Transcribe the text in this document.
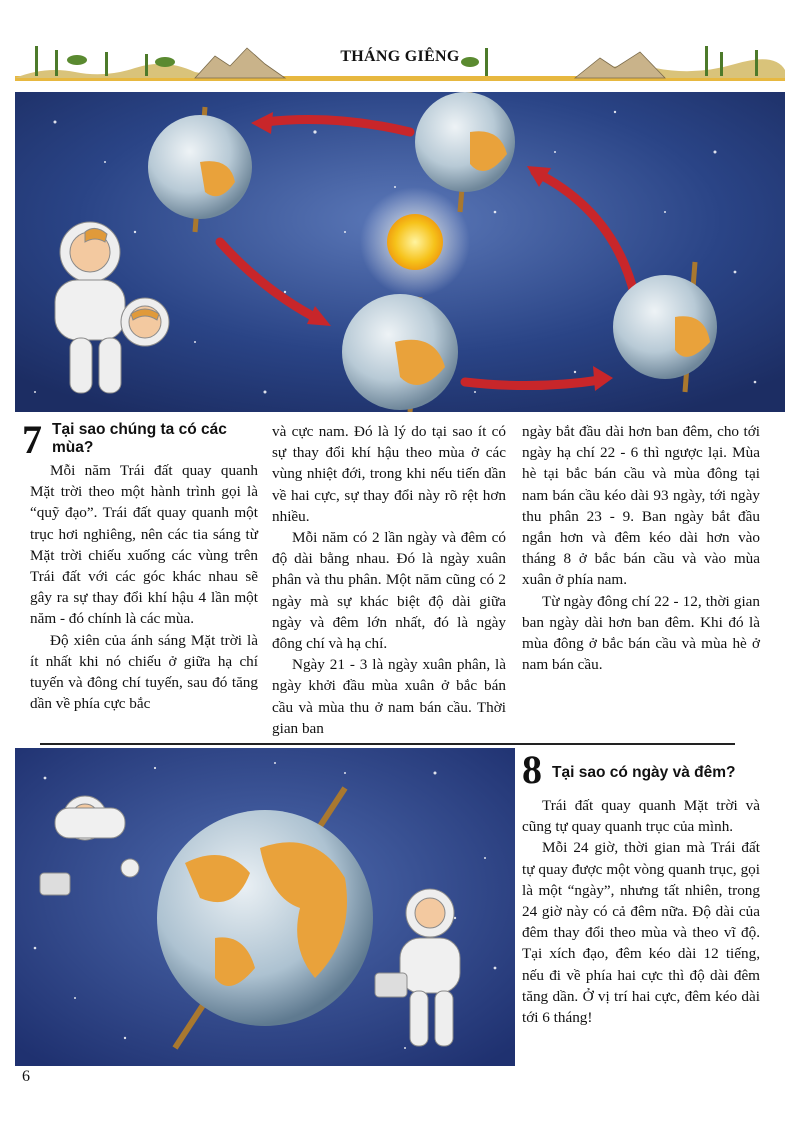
THÁNG GIÊNG
7 Tại sao chúng ta có các mùa?

Mỗi năm Trái đất quay quanh Mặt trời theo một hành trình gọi là “quỹ đạo”. Trái đất quay quanh một trục hơi nghiêng, nên các tia sáng từ Mặt trời chiếu xuống các vùng trên Trái đất với các góc khác nhau sẽ gây ra sự thay đổi khí hậu 4 lần một năm - đó chính là các mùa.

Độ xiên của ánh sáng Mặt trời là ít nhất khi nó chiếu ở giữa hạ chí tuyến và đông chí tuyến, sau đó tăng dần về phía cực bắc

và cực nam. Đó là lý do tại sao ít có sự thay đổi khí hậu theo mùa ở các vùng nhiệt đới, trong khi nếu tiến dần về hai cực, sự thay đổi này rõ rệt hơn nhiều.

Mỗi năm có 2 lần ngày và đêm có độ dài bằng nhau. Đó là ngày xuân phân và thu phân. Một năm cũng có 2 ngày mà sự khác biệt độ dài giữa ngày và đêm lớn nhất, đó là ngày đông chí và hạ chí.

Ngày 21 - 3 là ngày xuân phân, là ngày khởi đầu mùa xuân ở bắc bán cầu và mùa thu ở nam bán cầu. Thời gian ban

ngày bắt đầu dài hơn ban đêm, cho tới ngày hạ chí 22 - 6 thì ngược lại. Mùa hè tại bắc bán cầu và mùa đông tại nam bán cầu kéo dài 93 ngày, tới ngày thu phân 23 - 9. Ban ngày bắt đầu ngắn hơn và đêm kéo dài hơn vào tháng 8 ở bắc bán cầu và vào mùa xuân ở phía nam.

Từ ngày đông chí 22 - 12, thời gian ban ngày dài hơn ban đêm. Khi đó là mùa đông ở bắc bán cầu và mùa hè ở nam bán cầu.

8 Tại sao có ngày và đêm?

Trái đất quay quanh Mặt trời và cũng tự quay quanh trục của mình.

Mỗi 24 giờ, thời gian mà Trái đất tự quay được một vòng quanh trục, gọi là một “ngày”, nhưng tất nhiên, trong 24 giờ này có cả đêm nữa. Độ dài của đêm thay đổi theo mùa và theo vĩ độ. Tại xích đạo, đêm kéo dài 12 tiếng, nếu đi về phía hai cực thì độ dài đêm tăng dần. Ở vị trí hai cực, đêm kéo dài tới 6 tháng!

6
